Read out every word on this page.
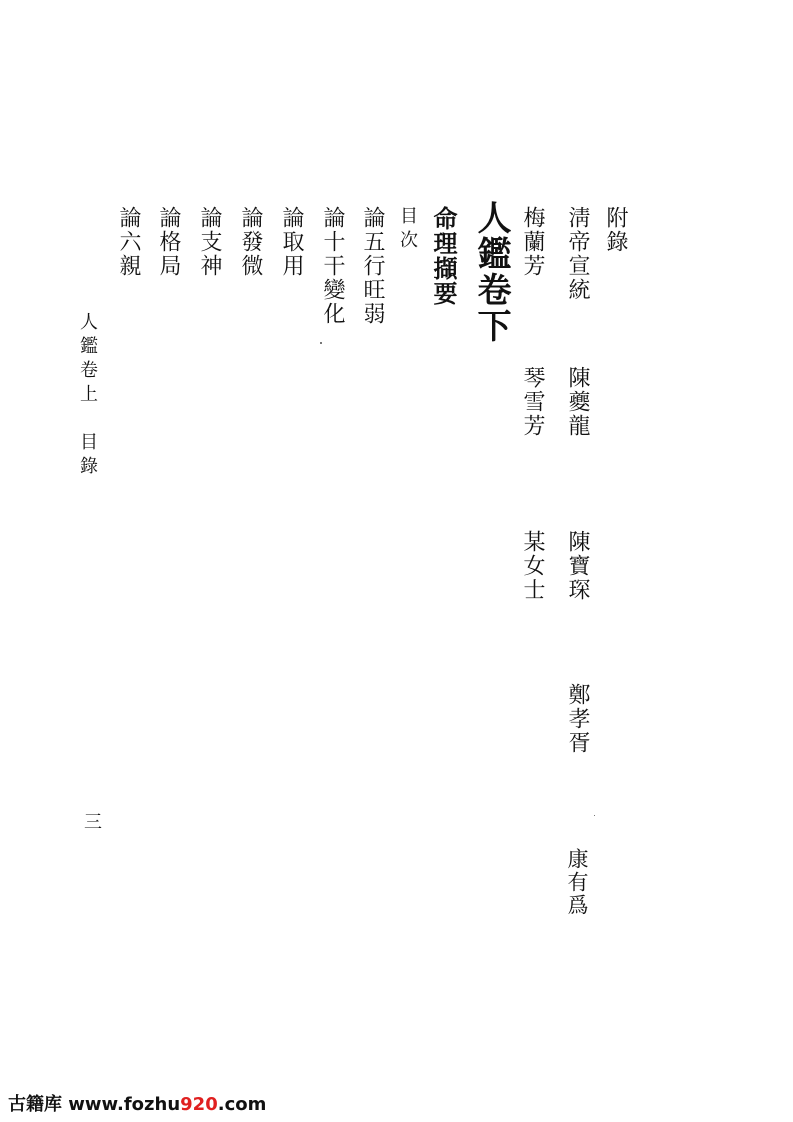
附錄
淸帝宣統
陳夔龍
陳寶琛
鄭孝胥
康有爲
梅蘭芳
琴雪芳
某女士
人鑑卷下
命理擷要
目次
論五行旺弱
論十干變化
論取用
論發微
論支神
論格局
論六親
人鑑卷上　目錄
三
古籍库 www.fozhu920.com
